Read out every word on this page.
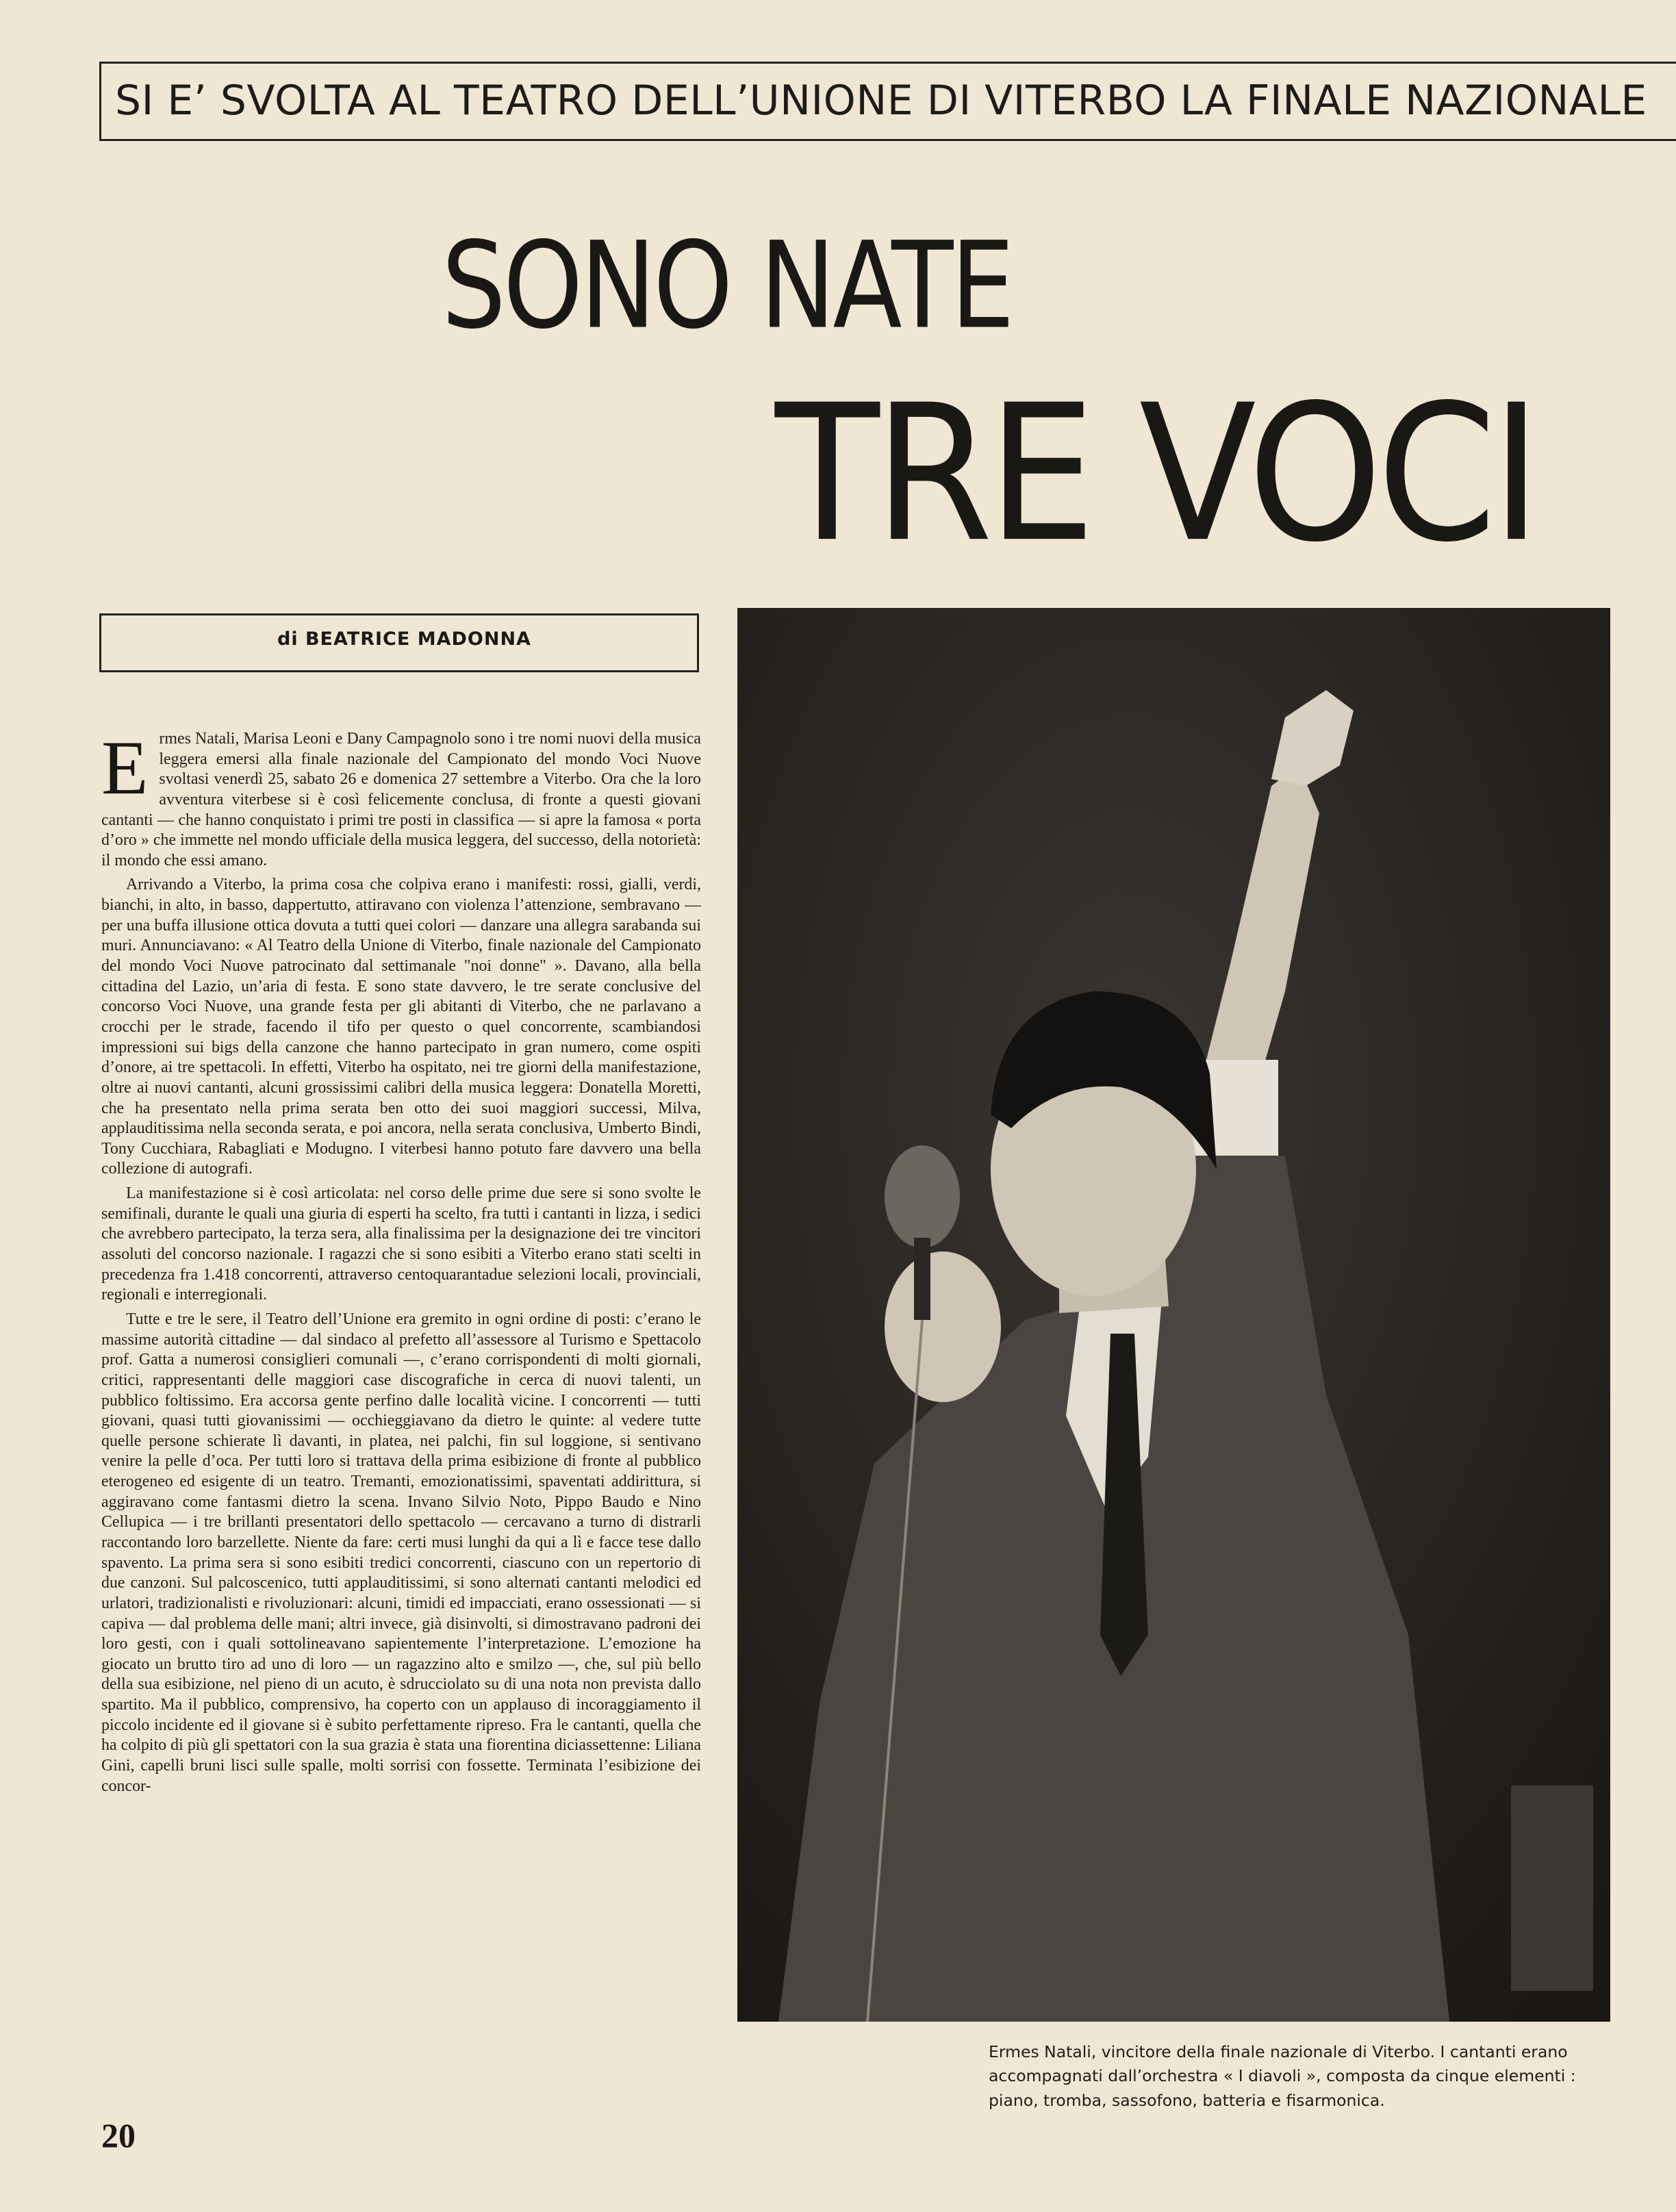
SI E’ SVOLTA AL TEATRO DELL’UNIONE DI VITERBO LA FINALE NAZIONALE
SONO NATE
TRE VOCI
di BEATRICE MADONNA

Ermes Natali, Marisa Leoni e Dany Campagnolo sono i tre nomi nuovi della musica leggera emersi alla finale nazionale del Campionato del mondo Voci Nuove svoltasi venerdì 25, sabato 26 e domenica 27 settembre a Viterbo. Ora che la loro avventura viterbese si è così felicemente conclusa, di fronte a questi giovani cantanti — che hanno conquistato i primi tre posti in classifica — si apre la famosa « porta d’oro » che immette nel mondo ufficiale della musica leggera, del successo, della notorietà: il mondo che essi amano.

Arrivando a Viterbo, la prima cosa che colpiva erano i manifesti: rossi, gialli, verdi, bianchi, in alto, in basso, dappertutto, attiravano con violenza l’attenzione, sembravano — per una buffa illusione ottica dovuta a tutti quei colori — danzare una allegra sarabanda sui muri. Annunciavano: « Al Teatro della Unione di Viterbo, finale nazionale del Campionato del mondo Voci Nuove patrocinato dal settimanale "noi donne" ». Davano, alla bella cittadina del Lazio, un’aria di festa. E sono state davvero, le tre serate conclusive del concorso Voci Nuove, una grande festa per gli abitanti di Viterbo, che ne parlavano a crocchi per le strade, facendo il tifo per questo o quel concorrente, scambiandosi impressioni sui bigs della canzone che hanno partecipato in gran numero, come ospiti d’onore, ai tre spettacoli. In effetti, Viterbo ha ospitato, nei tre giorni della manifestazione, oltre ai nuovi cantanti, alcuni grossissimi calibri della musica leggera: Donatella Moretti, che ha presentato nella prima serata ben otto dei suoi maggiori successi, Milva, applauditissima nella seconda serata, e poi ancora, nella serata conclusiva, Umberto Bindi, Tony Cucchiara, Rabagliati e Modugno. I viterbesi hanno potuto fare davvero una bella collezione di autografi.

La manifestazione si è così articolata: nel corso delle prime due sere si sono svolte le semifinali, durante le quali una giuria di esperti ha scelto, fra tutti i cantanti in lizza, i sedici che avrebbero partecipato, la terza sera, alla finalissima per la designazione dei tre vincitori assoluti del concorso nazionale. I ragazzi che si sono esibiti a Viterbo erano stati scelti in precedenza fra 1.418 concorrenti, attraverso centoquarantadue selezioni locali, provinciali, regionali e interregionali.

Tutte e tre le sere, il Teatro dell’Unione era gremito in ogni ordine di posti: c’erano le massime autorità cittadine — dal sindaco al prefetto all’assessore al Turismo e Spettacolo prof. Gatta a numerosi consiglieri comunali —, c’erano corrispondenti di molti giornali, critici, rappresentanti delle maggiori case discografiche in cerca di nuovi talenti, un pubblico foltissimo. Era accorsa gente perfino dalle località vicine. I concorrenti — tutti giovani, quasi tutti giovanissimi — occhieggiavano da dietro le quinte: al vedere tutte quelle persone schierate lì davanti, in platea, nei palchi, fin sul loggione, si sentivano venire la pelle d’oca. Per tutti loro si trattava della prima esibizione di fronte al pubblico eterogeneo ed esigente di un teatro. Tremanti, emozionatissimi, spaventati addirittura, si aggiravano come fantasmi dietro la scena. Invano Silvio Noto, Pippo Baudo e Nino Cellupica — i tre brillanti presentatori dello spettacolo — cercavano a turno di distrarli raccontando loro barzellette. Niente da fare: certi musi lunghi da qui a lì e facce tese dallo spavento. La prima sera si sono esibiti tredici concorrenti, ciascuno con un repertorio di due canzoni. Sul palcoscenico, tutti applauditissimi, si sono alternati cantanti melodici ed urlatori, tradizionalisti e rivoluzionari: alcuni, timidi ed impacciati, erano ossessionati — si capiva — dal problema delle mani; altri invece, già disinvolti, si dimostravano padroni dei loro gesti, con i quali sottolineavano sapientemente l’interpretazione. L’emozione ha giocato un brutto tiro ad uno di loro — un ragazzino alto e smilzo —, che, sul più bello della sua esibizione, nel pieno di un acuto, è sdrucciolato su di una nota non prevista dallo spartito. Ma il pubblico, comprensivo, ha coperto con un applauso di incoraggiamento il piccolo incidente ed il giovane si è subito perfettamente ripreso. Fra le cantanti, quella che ha colpito di più gli spettatori con la sua grazia è stata una fiorentina diciassettenne: Liliana Gini, capelli bruni lisci sulle spalle, molti sorrisi con fossette. Terminata l’esibizione dei concor-

Ermes Natali, vincitore della finale nazionale di Viterbo. I cantanti erano accompagnati dall’orchestra « I diavoli », composta da cinque elementi : piano, tromba, sassofono, batteria e fisarmonica.
20
